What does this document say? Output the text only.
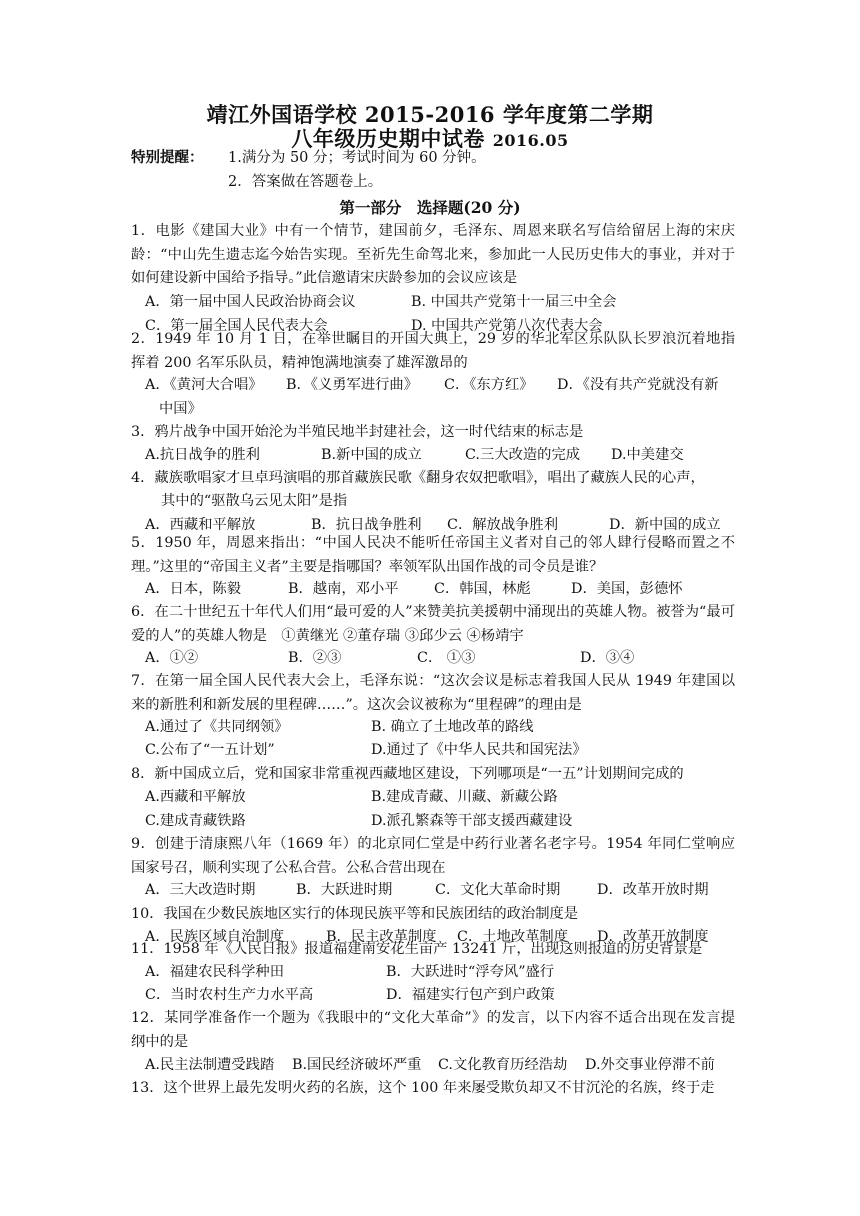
靖江外国语学校 2015-2016 学年度第二学期
八年级历史期中试卷 2016.05
特别提醒： 1.满分为 50 分；考试时间为 60 分钟。
2．答案做在答题卷上。
第一部分　选择题(20 分)
1．电影《建国大业》中有一个情节，建国前夕，毛泽东、周恩来联名写信给留居上海的宋庆龄：“中山先生遗志迄今始告实现。至祈先生命驾北来，参加此一人民历史伟大的事业，并对于如何建设新中国给予指导。”此信邀请宋庆龄参加的会议应该是
A．第一届中国人民政治协商会议	B. 中国共产党第十一届三中全会
C．第一届全国人民代表大会	D. 中国共产党第八次代表大会
2．1949 年 10 月 1 日，在举世瞩目的开国大典上，29 岁的华北军区乐队队长罗浪沉着地指挥着 200 名军乐队员，精神饱满地演奏了雄浑激昂的
A．《黄河大合唱》 B．《义勇军进行曲》 C．《东方红》 D．《没有共产党就没有新
中国》
3．鸦片战争中国开始沦为半殖民地半封建社会，这一时代结束的标志是
A.抗日战争的胜利	B.新中国的成立	C.三大改造的完成 D.中美建交
4．藏族歌唱家才旦卓玛演唱的那首藏族民歌《翻身农奴把歌唱》，唱出了藏族人民的心声，
其中的“驱散乌云见太阳”是指
A．西藏和平解放	B．抗日战争胜利 C．解放战争胜利	D．新中国的成立
5．1950 年，周恩来指出：“中国人民决不能听任帝国主义者对自己的邻人肆行侵略而置之不理。”这里的“帝国主义者”主要是指哪国？率领军队出国作战的司令员是谁？
A．日本，陈毅	B．越南，邓小平 C．韩国，林彪	D．美国，彭德怀
6．在二十世纪五十年代人们用“最可爱的人”来赞美抗美援朝中涌现出的英雄人物。被誉为“最可爱的人”的英雄人物是　①黄继光 ②董存瑞 ③邱少云 ④杨靖宇
A．①②	B．②③	C． ①③	D．③④
7．在第一届全国人民代表大会上，毛泽东说：“这次会议是标志着我国人民从 1949 年建国以来的新胜利和新发展的里程碑……”。这次会议被称为“里程碑”的理由是
A.通过了《共同纲领》	B. 确立了土地改革的路线
C.公布了“一五计划”	D.通过了《中华人民共和国宪法》
8．新中国成立后，党和国家非常重视西藏地区建设，下列哪项是“一五”计划期间完成的
A.西藏和平解放	B.建成青藏、川藏、新藏公路
C.建成青藏铁路	D.派孔繁森等干部支援西藏建设
9．创建于清康熙八年（1669 年）的北京同仁堂是中药行业著名老字号。1954 年同仁堂响应国家号召，顺利实现了公私合营。公私合营出现在
A．三大改造时期	B．大跃进时期	C．文化大革命时期	D．改革开放时期
10．我国在少数民族地区实行的体现民族平等和民族团结的政治制度是
A．民族区域自治制度	B．民主改革制度 C．土地改革制度 D．改革开放制度
11．1958 年《人民日报》报道福建南安花生亩产 13241 斤，出现这则报道的历史背景是
A．福建农民科学种田	B．大跃进时“浮夸风”盛行
C．当时农村生产力水平高	D．福建实行包产到户政策
12．某同学准备作一个题为《我眼中的“文化大革命”》的发言，以下内容不适合出现在发言提纲中的是
A.民主法制遭受践踏 B.国民经济破坏严重 C.文化教育历经浩劫 D.外交事业停滞不前
13．这个世界上最先发明火药的名族，这个 100 年来屡受欺负却又不甘沉沦的名族，终于走
